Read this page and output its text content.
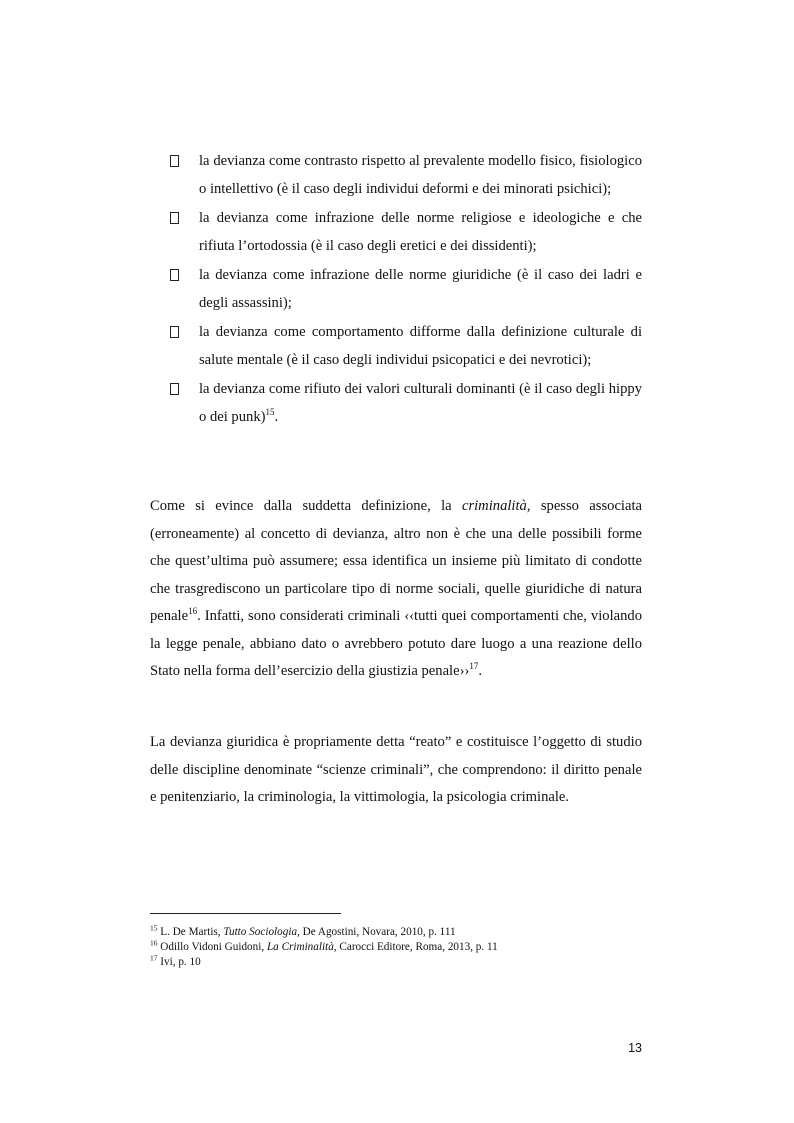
la devianza come contrasto rispetto al prevalente modello fisico, fisiologico o intellettivo (è il caso degli individui deformi e dei minorati psichici);
la devianza come infrazione delle norme religiose e ideologiche e che rifiuta l’ortodossia (è il caso degli eretici e dei dissidenti);
la devianza come infrazione delle norme giuridiche (è il caso dei ladri e degli assassini);
la devianza come comportamento difforme dalla definizione culturale di salute mentale (è il caso degli individui psicopatici e dei nevrotici);
la devianza come rifiuto dei valori culturali dominanti (è il caso degli hippy o dei punk)$^{15}$.

Come si evince dalla suddetta definizione, la criminalità, spesso associata (erroneamente) al concetto di devianza, altro non è che una delle possibili forme che quest’ultima può assumere; essa identifica un insieme più limitato di condotte che trasgrediscono un particolare tipo di norme sociali, quelle giuridiche di natura penale$^{16}$. Infatti, sono considerati criminali ‹‹tutti quei comportamenti che, violando la legge penale, abbiano dato o avrebbero potuto dare luogo a una reazione dello Stato nella forma dell’esercizio della giustizia penale››$^{17}$.

La devianza giuridica è propriamente detta “reato” e costituisce l’oggetto di studio delle discipline denominate “scienze criminali”, che comprendono: il diritto penale e penitenziario, la criminologia, la vittimologia, la psicologia criminale.

$^{15}$ L. De Martis, Tutto Sociologia, De Agostini, Novara, 2010, p. 111
$^{16}$ Odillo Vidoni Guidoni, La Criminalità, Carocci Editore, Roma, 2013, p. 11
$^{17}$ Ivi, p. 10
13
